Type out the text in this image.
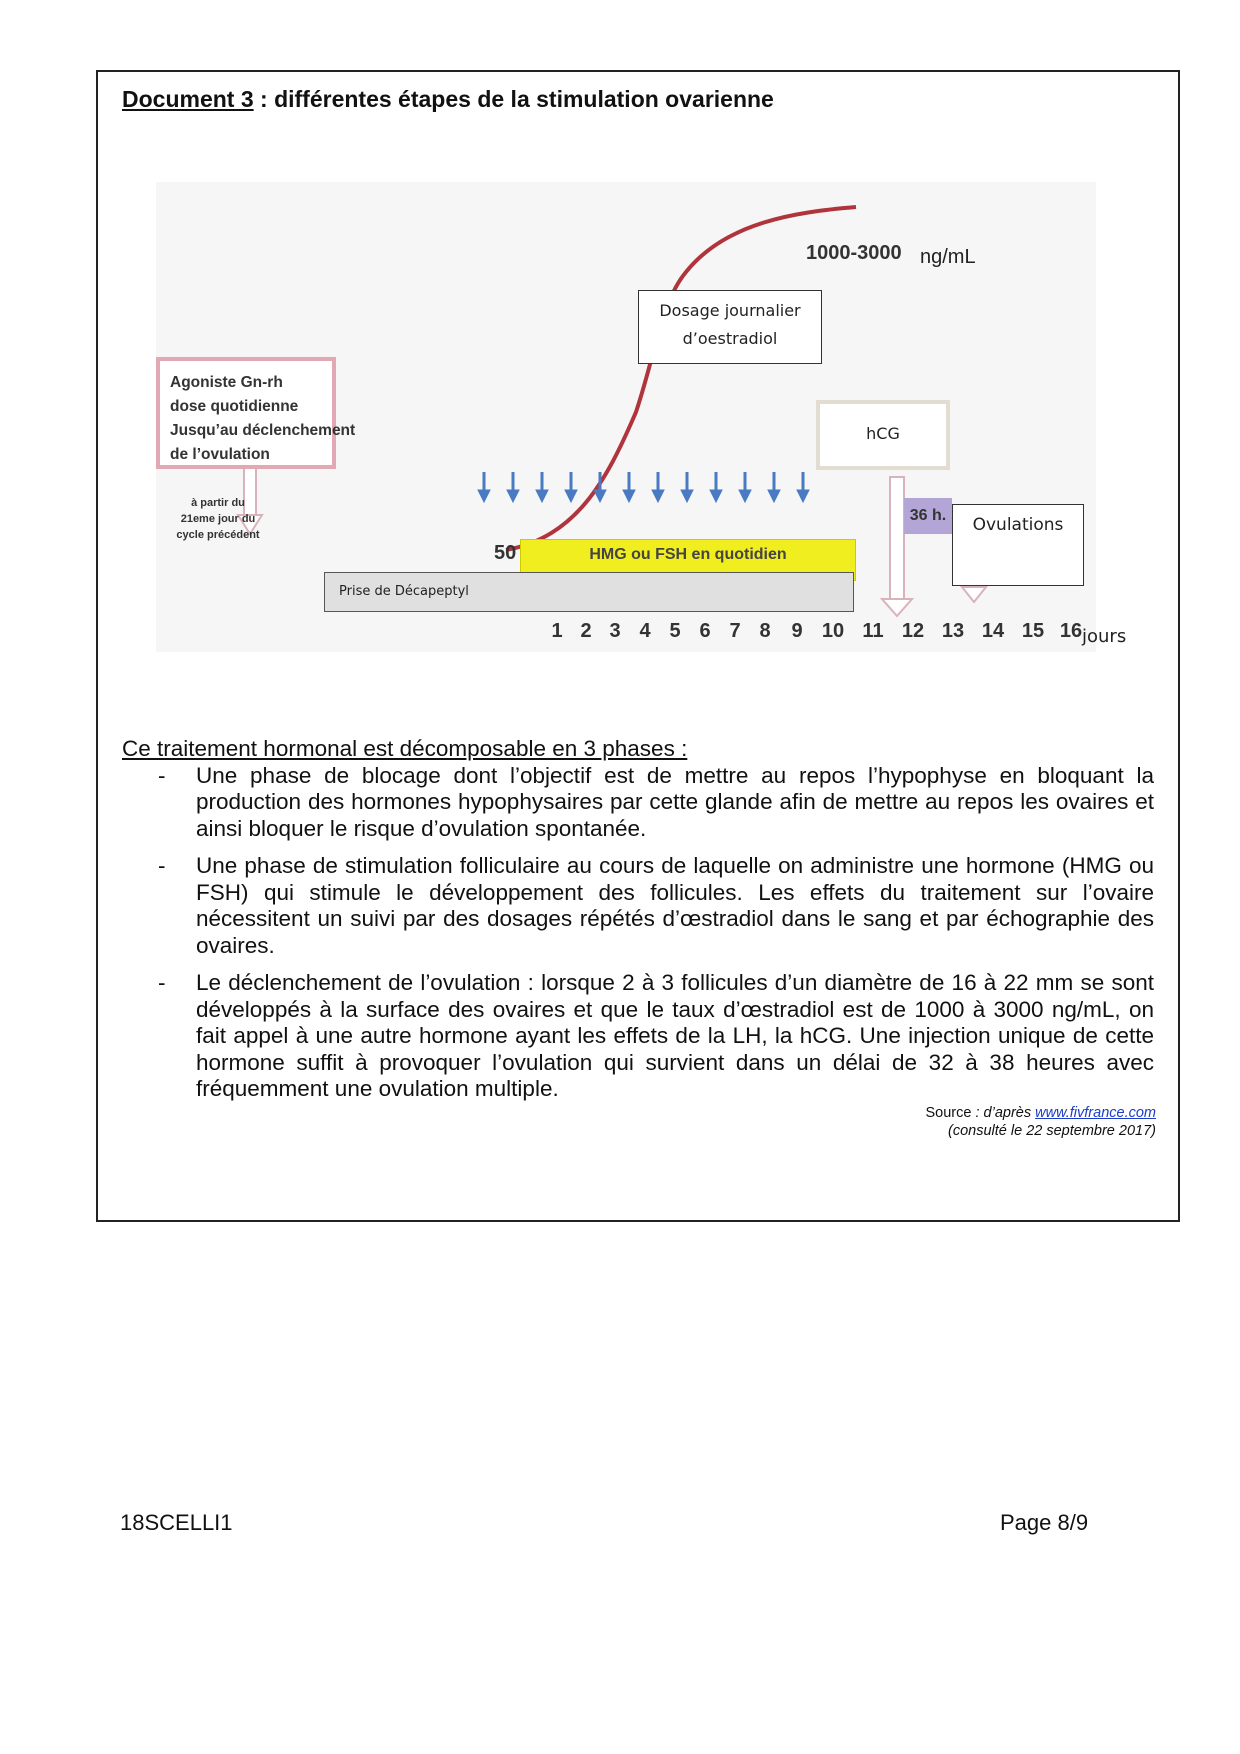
Document 3 : différentes étapes de la stimulation ovarienne
Agoniste Gn-rh
dose quotidienne
Jusqu’au déclenchement
de l’ovulation
à partir du
21eme jour du
cycle précédent
Dosage journalier
d’oestradiol
1000-3000 ng/mL
50
hCG
36 h.	Ovulations
HMG ou FSH en quotidien
Prise de Décapeptyl
1 2 3 4 5 6 7 8	9 10 11 12 13 14 15 16 jours

Ce traitement hormonal est décomposable en 3 phases :

- Une phase de blocage dont l’objectif est de mettre au repos l’hypophyse en bloquant la production des hormones hypophysaires par cette glande afin de mettre au repos les ovaires et ainsi bloquer le risque d’ovulation spontanée.
- Une phase de stimulation folliculaire au cours de laquelle on administre une hormone (HMG ou FSH) qui stimule le développement des follicules. Les effets du traitement sur l’ovaire nécessitent un suivi par des dosages répétés d’œstradiol dans le sang et par échographie des ovaires.
- Le déclenchement de l’ovulation : lorsque 2 à 3 follicules d’un diamètre de 16 à 22 mm se sont développés à la surface des ovaires et que le taux d’œstradiol est de 1000 à 3000 ng/mL, on fait appel à une autre hormone ayant les effets de la LH, la hCG. Une injection unique de cette hormone suffit à provoquer l’ovulation qui survient dans un délai de 32 à 38 heures avec fréquemment une ovulation multiple.
Source : d’après www.fivfrance.com
(consulté le 22 septembre 2017)
18SCELLI1	Page 8/9
